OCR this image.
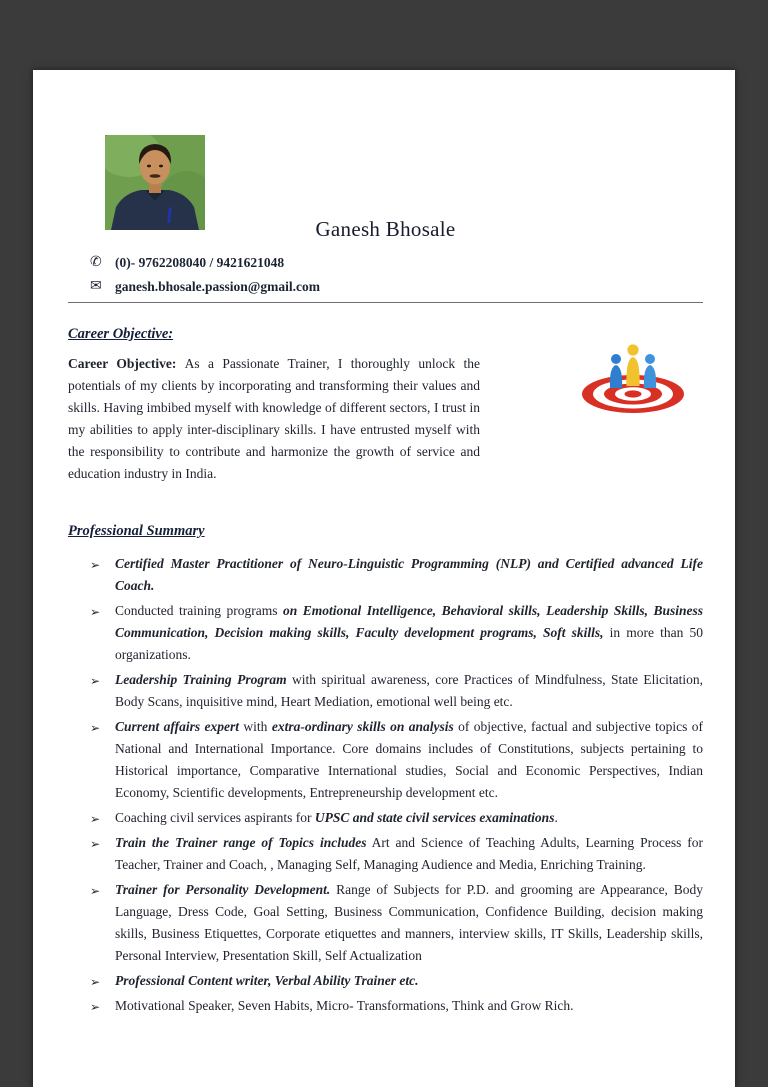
Ganesh Bhosale
✆ (0)- 9762208040 / 9421621048
✉ ganesh.bhosale.passion@gmail.com
Career Objective:

Career Objective: As a Passionate Trainer, I thoroughly unlock the potentials of my clients by incorporating and transforming their values and skills. Having imbibed myself with knowledge of different sectors, I trust in my abilities to apply inter-disciplinary skills. I have entrusted myself with the responsibility to contribute and harmonize the growth of service and education industry in India.

Professional Summary
➢ Certified Master Practitioner of Neuro-Linguistic Programming (NLP) and Certified advanced Life Coach.
➢ Conducted training programs on Emotional Intelligence, Behavioral skills, Leadership Skills, Business Communication, Decision making skills, Faculty development programs, Soft skills, in more than 50 organizations.
➢ Leadership Training Program with spiritual awareness, core Practices of Mindfulness, State Elicitation, Body Scans, inquisitive mind, Heart Mediation, emotional well being etc.
➢ Current affairs expert with extra-ordinary skills on analysis of objective, factual and subjective topics of National and International Importance. Core domains includes of Constitutions, subjects pertaining to Historical importance, Comparative International studies, Social and Economic Perspectives, Indian Economy, Scientific developments, Entrepreneurship development etc.
➢ Coaching civil services aspirants for UPSC and state civil services examinations.
➢ Train the Trainer range of Topics includes Art and Science of Teaching Adults, Learning Process for Teacher, Trainer and Coach, , Managing Self, Managing Audience and Media, Enriching Training.
➢ Trainer for Personality Development. Range of Subjects for P.D. and grooming are Appearance, Body Language, Dress Code, Goal Setting, Business Communication, Confidence Building, decision making skills, Business Etiquettes, Corporate etiquettes and manners, interview skills, IT Skills, Leadership skills, Personal Interview, Presentation Skill, Self Actualization
➢ Professional Content writer, Verbal Ability Trainer etc.
➢ Motivational Speaker, Seven Habits, Micro- Transformations, Think and Grow Rich.
